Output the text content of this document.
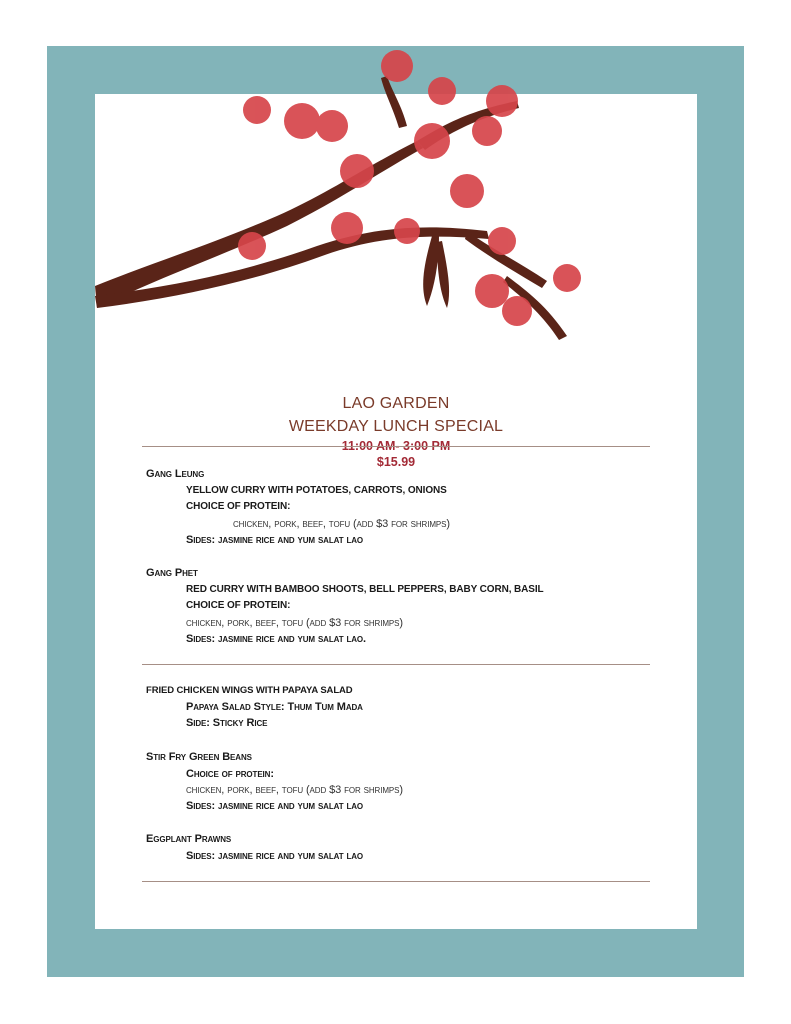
LAO GARDEN
WEEKDAY LUNCH SPECIAL
11:00 AM- 3:00 PM
$15.99
Gang Leung
YELLOW CURRY WITH POTATOES, CARROTS, ONIONS
CHOICE OF PROTEIN:
chicken, pork, beef, tofu (add $3 for shrimps)
Sides: jasmine rice and yum salat lao
Gang Phet
RED CURRY WITH BAMBOO SHOOTS, BELL PEPPERS, BABY CORN, BASIL
CHOICE OF PROTEIN:
chicken, pork, beef, tofu (add $3 for shrimps)
Sides: jasmine rice and yum salat lao.
FRIED CHICKEN WINGS WITH PAPAYA SALAD
Papaya Salad Style: Thum Tum Mada
Side: Sticky Rice
Stir Fry Green Beans
Choice of protein:
chicken, pork, beef, tofu (add $3 for shrimps)
Sides: jasmine rice and yum salat lao
Eggplant Prawns
Sides: jasmine rice and yum salat lao
